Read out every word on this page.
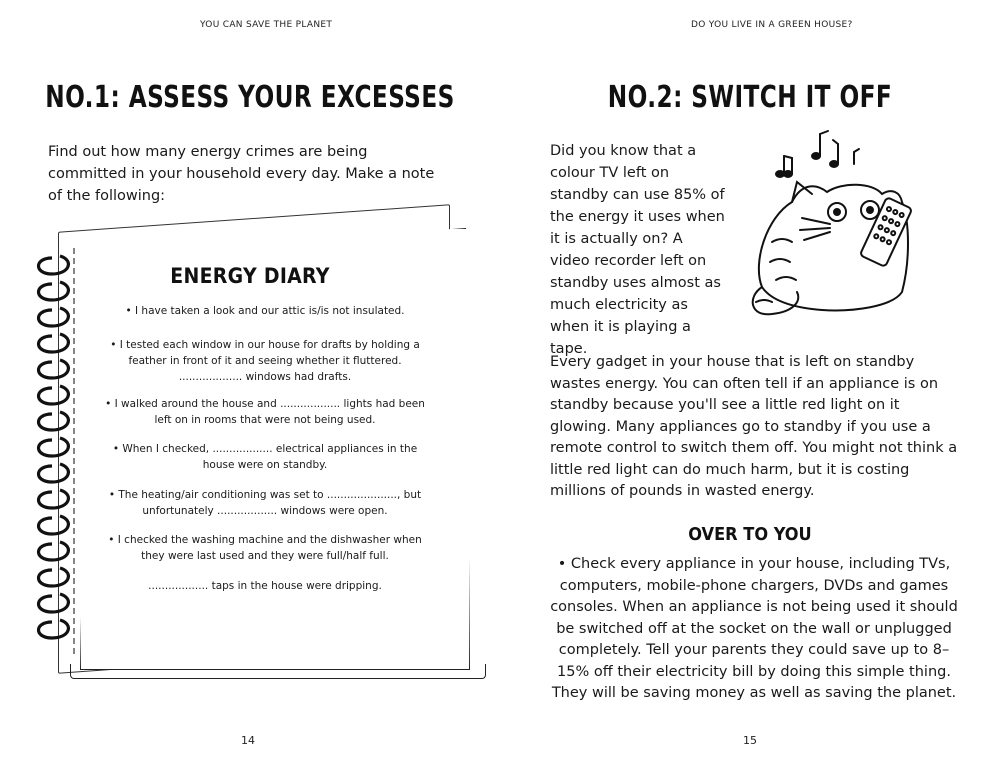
YOU CAN SAVE THE PLANET
NO.1: ASSESS YOUR EXCESSES
Find out how many energy crimes are being committed in your household every day. Make a note of the following:
ENERGY DIARY
• I have taken a look and our attic is/is not insulated.
• I tested each window in our house for drafts by holding a feather in front of it and seeing whether it fluttered. ................... windows had drafts.
• I walked around the house and .................. lights had been left on in rooms that were not being used.
• When I checked, .................. electrical appliances in the house were on standby.
• The heating/air conditioning was set to ....................., but unfortunately .................. windows were open.
• I checked the washing machine and the dishwasher when they were last used and they were full/half full.
.................. taps in the house were dripping.
14
DO YOU LIVE IN A GREEN HOUSE?
NO.2: SWITCH IT OFF
Did you know that a colour TV left on standby can use 85% of the energy it uses when it is actually on? A video recorder left on standby uses almost as much electricity as when it is playing a tape.
Every gadget in your house that is left on standby wastes energy. You can often tell if an appliance is on standby because you'll see a little red light on it glowing. Many appliances go to standby if you use a remote control to switch them off. You might not think a little red light can do much harm, but it is costing millions of pounds in wasted energy.
OVER TO YOU
• Check every appliance in your house, including TVs, computers, mobile-phone chargers, DVDs and games consoles. When an appliance is not being used it should be switched off at the socket on the wall or unplugged completely. Tell your parents they could save up to 8–15% off their electricity bill by doing this simple thing. They will be saving money as well as saving the planet.
15
